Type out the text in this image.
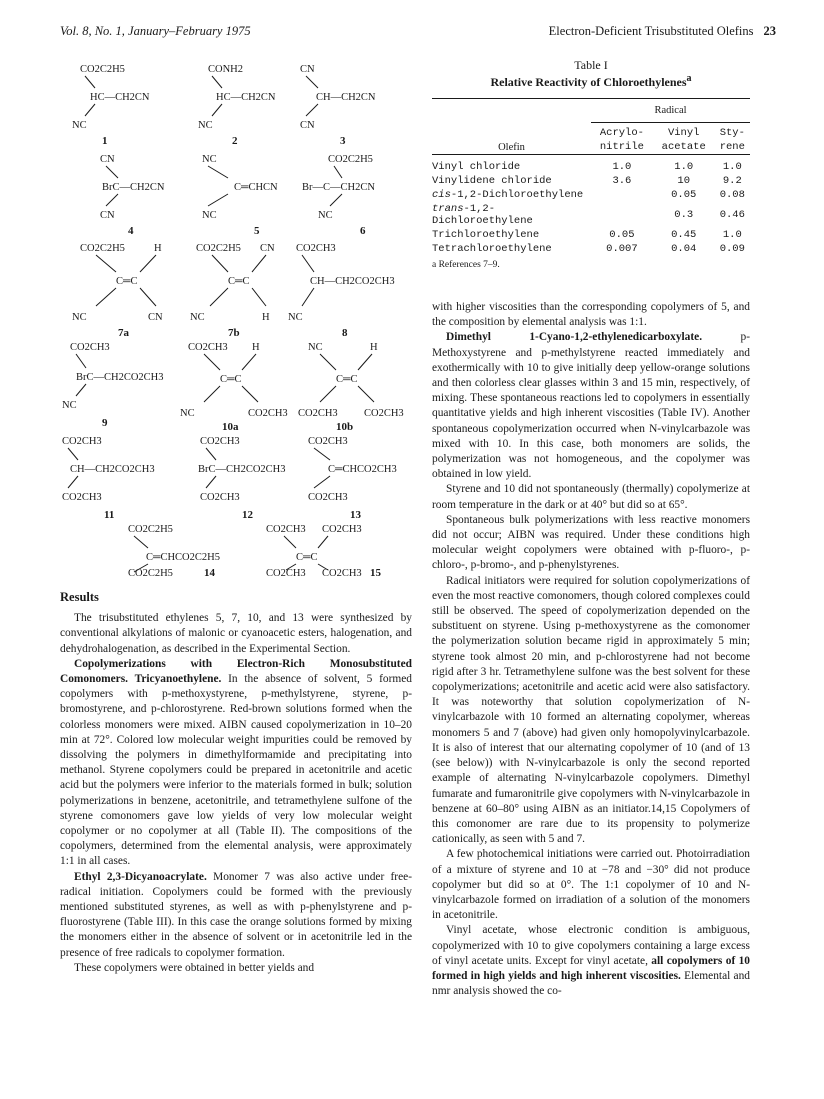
Vol. 8, No. 1, January–February 1975	Electron-Deficient Trisubstituted Olefins 23
CO2C2H5
HC—CH2CN
NC
1
CONH2
HC—CH2CN
NC
2
CN
CH—CH2CN
CN
3
CN
BrC—CH2CN
CN
4
NC
C═CHCN
NC
5
CO2C2H5
Br—C—CH2CN
NC
6
CO2C2H5	H
C═C
NC	CN
7a
CO2C2H5 CN
C═C
NC	H
7b
CO2CH3
CH—CH2CO2CH3
NC
8
CO2CH3
BrC—CH2CO2CH3
NC
9
CO2CH3 H
C═C
NC	CO2CH3
10a
NC	H
C═C
CO2CH3	CO2CH3
10b
CO2CH3
CH—CH2CO2CH3
CO2CH3
11
CO2CH3
BrC—CH2CO2CH3
CO2CH3
12
CO2CH3
C═CHCO2CH3
CO2CH3
13
CO2C2H5
C═CHCO2C2H5
CO2C2H5	14
CO2CH3 CO2CH3
C═C
CO2CH3 CO2CH3 15
Table I
Relative Reactivity of Chloroethylenes$^a$
	Radical		
	Acrylo-	Vinyl	Sty-
Olefin	nitrile	acetate	rene
Vinyl chloride	1.0	1.0	1.0
Vinylidene chloride	3.6	10	9.2
cis-1,2-Dichloroethylene		0.05	0.08
trans-1,2-Dichloroethylene		0.3	0.46
Trichloroethylene	0.05	0.45	1.0
Tetrachloroethylene	0.007	0.04	0.09
a References 7–9.			
Results

The trisubstituted ethylenes 5, 7, 10, and 13 were synthesized by conventional alkylations of malonic or cyanoacetic esters, halogenation, and dehydrohalogenation, as described in the Experimental Section.

Copolymerizations with Electron-Rich Monosubstituted Comonomers. Tricyanoethylene. In the absence of solvent, 5 formed copolymers with p-methoxystyrene, p-methylstyrene, styrene, p-bromostyrene, and p-chlorostyrene. Red-brown solutions formed when the colorless monomers were mixed. AIBN caused copolymerization in 10–20 min at 72°. Colored low molecular weight impurities could be removed by dissolving the polymers in dimethylformamide and precipitating into methanol. Styrene copolymers could be prepared in acetonitrile and acetic acid but the polymers were inferior to the materials formed in bulk; solution polymerizations in benzene, acetonitrile, and tetramethylene sulfone of the styrene comonomers gave low yields of very low molecular weight copolymer or no copolymer at all (Table II). The compositions of the copolymers, determined from the elemental analysis, were approximately 1:1 in all cases.

Ethyl 2,3-Dicyanoacrylate. Monomer 7 was also active under free-radical initiation. Copolymers could be formed with the previously mentioned substituted styrenes, as well as with p-phenylstyrene and p-fluorostyrene (Table III). In this case the orange solutions formed by mixing the monomers either in the absence of solvent or in acetonitrile led in the presence of free radicals to copolymer formation.

These copolymers were obtained in better yields and

with higher viscosities than the corresponding copolymers of 5, and the composition by elemental analysis was 1:1.

Dimethyl 1-Cyano-1,2-ethylenedicarboxylate. p-Methoxystyrene and p-methylstyrene reacted immediately and exothermically with 10 to give initially deep yellow-orange solutions and then colorless clear glasses within 3 and 15 min, respectively, of mixing. These spontaneous reactions led to copolymers in essentially quantitative yields and high inherent viscosities (Table IV). Another spontaneous copolymerization occurred when N-vinylcarbazole was mixed with 10. In this case, both monomers are solids, the polymerization was not homogeneous, and the copolymer was obtained in low yield.

Styrene and 10 did not spontaneously (thermally) copolymerize at room temperature in the dark or at 40° but did so at 65°.

Spontaneous bulk polymerizations with less reactive monomers did not occur; AIBN was required. Under these conditions high molecular weight copolymers were obtained with p-fluoro-, p-chloro-, p-bromo-, and p-phenylstyrenes.

Radical initiators were required for solution copolymerizations of even the most reactive comonomers, though colored complexes could still be observed. The speed of copolymerization depended on the substituent on styrene. Using p-methoxystyrene as the comonomer the polymerization solution became rigid in approximately 5 min; styrene took almost 20 min, and p-chlorostyrene had not become rigid after 3 hr. Tetramethylene sulfone was the best solvent for these copolymerizations; acetonitrile and acetic acid were also satisfactory. It was noteworthy that solution copolymerization of N-vinylcarbazole with 10 formed an alternating copolymer, whereas monomers 5 and 7 (above) had given only homopolyvinylcarbazole. It is also of interest that our alternating copolymer of 10 (and of 13 (see below)) with N-vinylcarbazole is only the second reported example of alternating N-vinylcarbazole copolymers. Dimethyl fumarate and fumaronitrile give copolymers with N-vinylcarbazole in benzene at 60–80° using AIBN as an initiator.14,15 Copolymers of this comonomer are rare due to its propensity to polymerize cationically, as seen with 5 and 7.

A few photochemical initiations were carried out. Photoirradiation of a mixture of styrene and 10 at −78 and −30° did not produce copolymer but did so at 0°. The 1:1 copolymer of 10 and N-vinylcarbazole formed on irradiation of a solution of the monomers in acetonitrile.

Vinyl acetate, whose electronic condition is ambiguous, copolymerized with 10 to give copolymers containing a large excess of vinyl acetate units. Except for vinyl acetate, all copolymers of 10 formed in high yields and high inherent viscosities. Elemental and nmr analysis showed the co-
